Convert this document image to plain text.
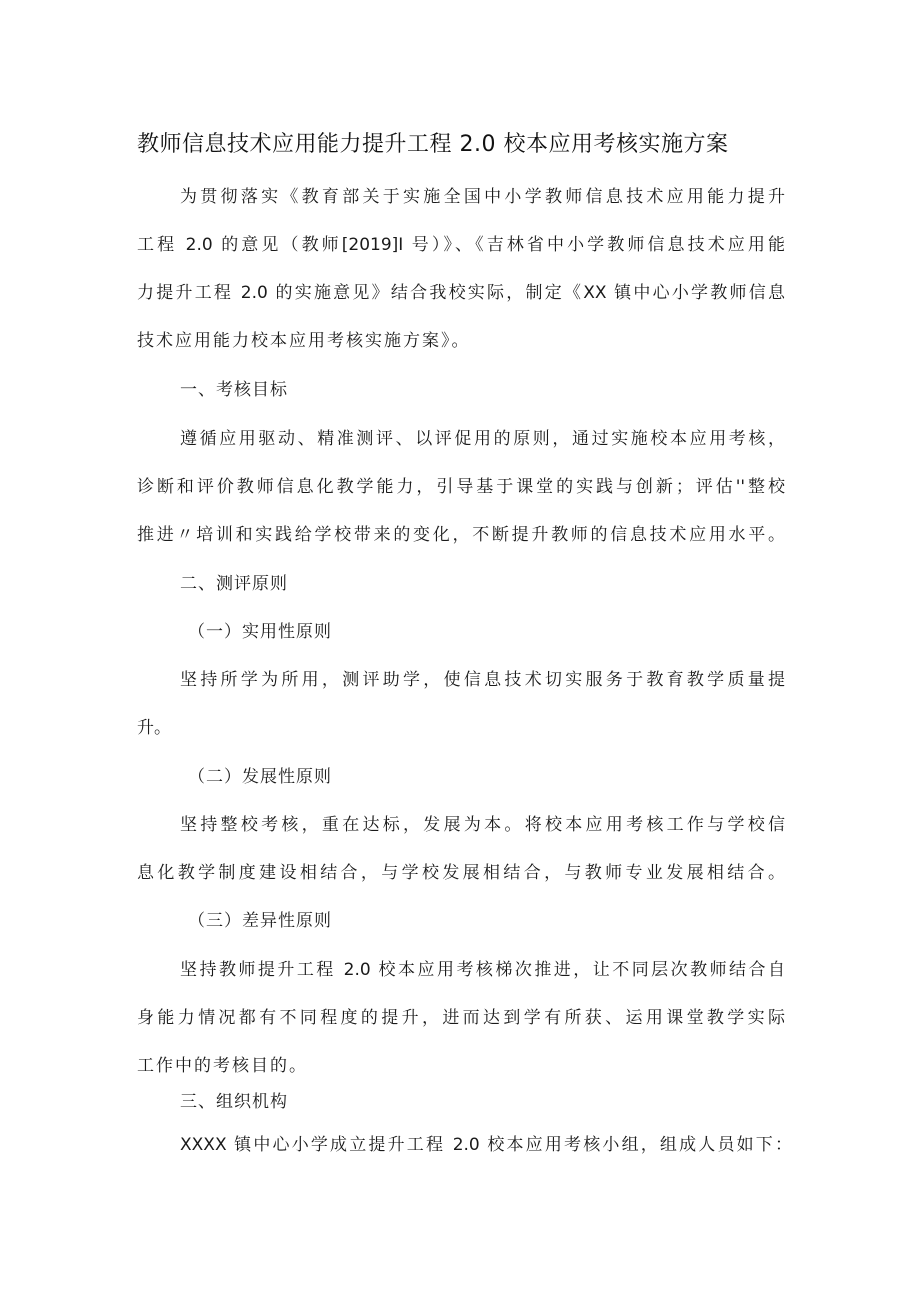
教师信息技术应用能力提升工程 2.0 校本应用考核实施方案
为贯彻落实《教育部关于实施全国中小学教师信息技术应用能力提升
工程 2.0 的意见（教师[2019]I 号）》、《吉林省中小学教师信息技术应用能
力提升工程 2.0 的实施意见》结合我校实际，制定《XX 镇中心小学教师信息
技术应用能力校本应用考核实施方案》。
一、考核目标
遵循应用驱动、精准测评、以评促用的原则，通过实施校本应用考核，
诊断和评价教师信息化教学能力，引导基于课堂的实践与创新；评估''整校
推进〃培训和实践给学校带来的变化，不断提升教师的信息技术应用水平。
二、测评原则
（一）实用性原则
坚持所学为所用，测评助学，使信息技术切实服务于教育教学质量提
升。
（二）发展性原则
坚持整校考核，重在达标，发展为本。将校本应用考核工作与学校信
息化教学制度建设相结合，与学校发展相结合，与教师专业发展相结合。
（三）差异性原则
坚持教师提升工程 2.0 校本应用考核梯次推进，让不同层次教师结合自
身能力情况都有不同程度的提升，进而达到学有所获、运用课堂教学实际
工作中的考核目的。
三、组织机构
XXXX 镇中心小学成立提升工程 2.0 校本应用考核小组，组成人员如下：
